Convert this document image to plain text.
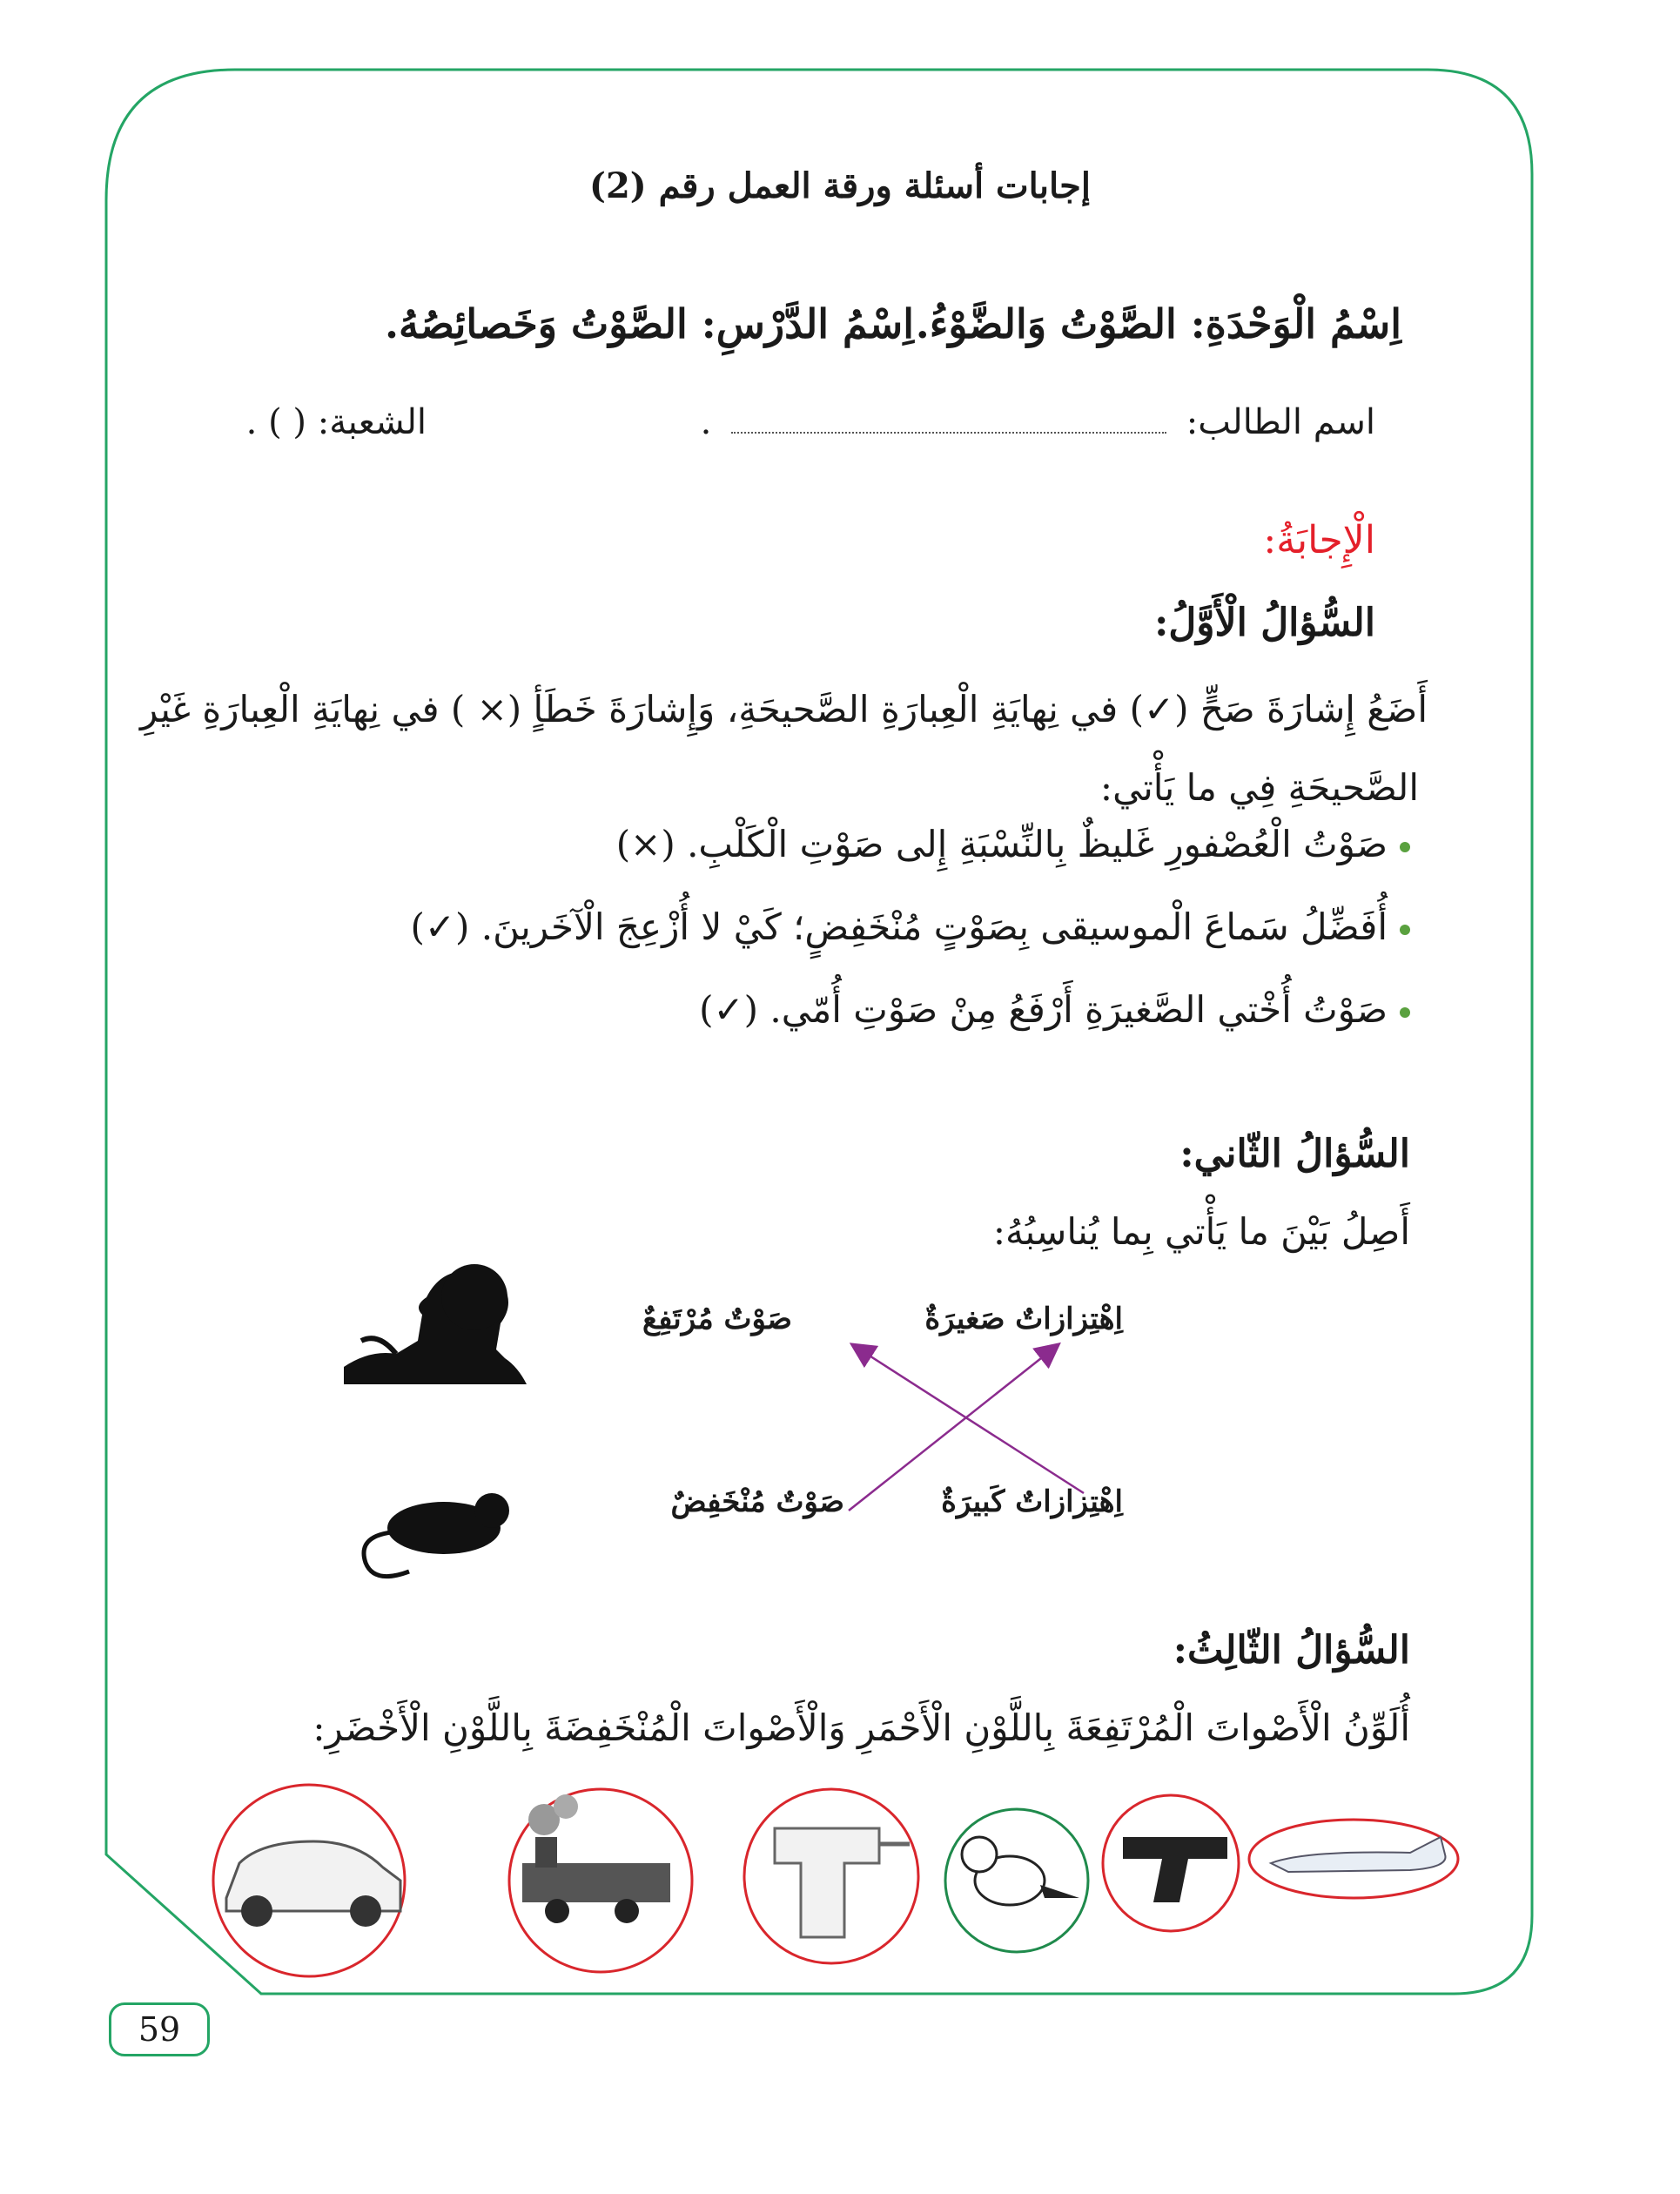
إجابات أسئلة ورقة العمل رقم (2)
اِسْمُ الْوَحْدَةِ: الصَّوْتُ وَالضَّوْءُ.
اِسْمُ الدَّرْسِ: الصَّوْتُ وَخَصائِصُهُ.
اسم الطالب:  .
الشعبة: ( ) .
الْإِجابَةُ:
السُّؤالُ الْأَوَّلُ:
أَضَعُ إِشارَةَ صَحٍّ (✓) في نِهايَةِ الْعِبارَةِ الصَّحيحَةِ، وَإِشارَةَ خَطَأٍ (× ) في نِهايَةِ الْعِبارَةِ غَيْرِ
الصَّحيحَةِ فِي ما يَأْتي:
صَوْتُ الْعُصْفورِ غَليظٌ بِالنِّسْبَةِ إِلى صَوْتِ الْكَلْبِ. (×)
أُفَضِّلُ سَماعَ الْموسيقى بِصَوْتٍ مُنْخَفِضٍ؛ كَيْ لا أُزْعِجَ الْآخَرينَ. (✓)
صَوْتُ أُخْتي الصَّغيرَةِ أَرْفَعُ مِنْ صَوْتِ أُمّي. (✓)
السُّؤالُ الثّاني:
أَصِلُ بَيْنَ ما يَأْتي بِما يُناسِبُهُ:
اِهْتِزازاتٌ صَغيرَةٌ
صَوْتٌ مُرْتَفِعٌ
اِهْتِزازاتٌ كَبيرَةٌ
صَوْتٌ مُنْخَفِضٌ
السُّؤالُ الثّالِثُ:
أُلَوِّنُ الْأَصْواتَ الْمُرْتَفِعَةَ بِاللَّوْنِ الْأَحْمَرِ وَالْأَصْواتَ الْمُنْخَفِضَةَ بِاللَّوْنِ الْأَخْضَرِ:
59
